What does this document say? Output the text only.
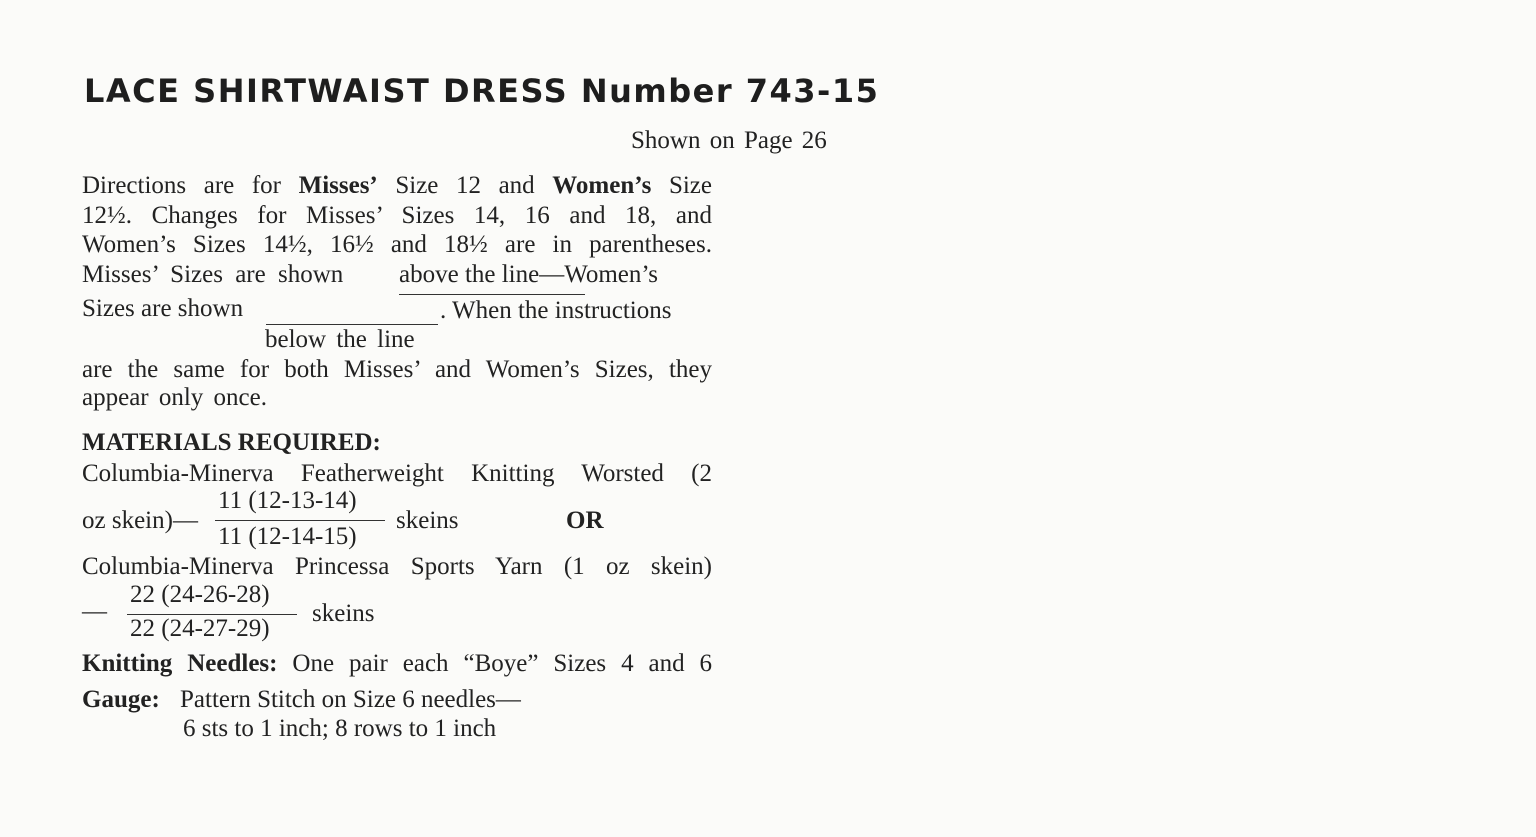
LACE SHIRTWAIST DRESS Number 743-15
Shown on Page 26
Directions are for Misses’ Size 12 and Women’s Size
12½. Changes for Misses’ Sizes 14, 16 and 18, and
Women’s Sizes 14½, 16½ and 18½ are in parentheses.
Misses’ Sizes are shown above the line—Women’s
Sizes are shown	. When the instructions
below the line
are the same for both Misses’ and Women’s Sizes, they
appear only once.
MATERIALS REQUIRED:
Columbia-Minerva Featherweight Knitting Worsted (2
oz skein)—
11 (12-13-14)
11 (12-14-15)
skeins	OR
Columbia-Minerva Princessa Sports Yarn (1 oz skein)
—
22 (24-26-28)
22 (24-27-29)
skeins
Knitting Needles: One pair each “Boye” Sizes 4 and 6
Gauge: Pattern Stitch on Size 6 needles—
6 sts to 1 inch; 8 rows to 1 inch
